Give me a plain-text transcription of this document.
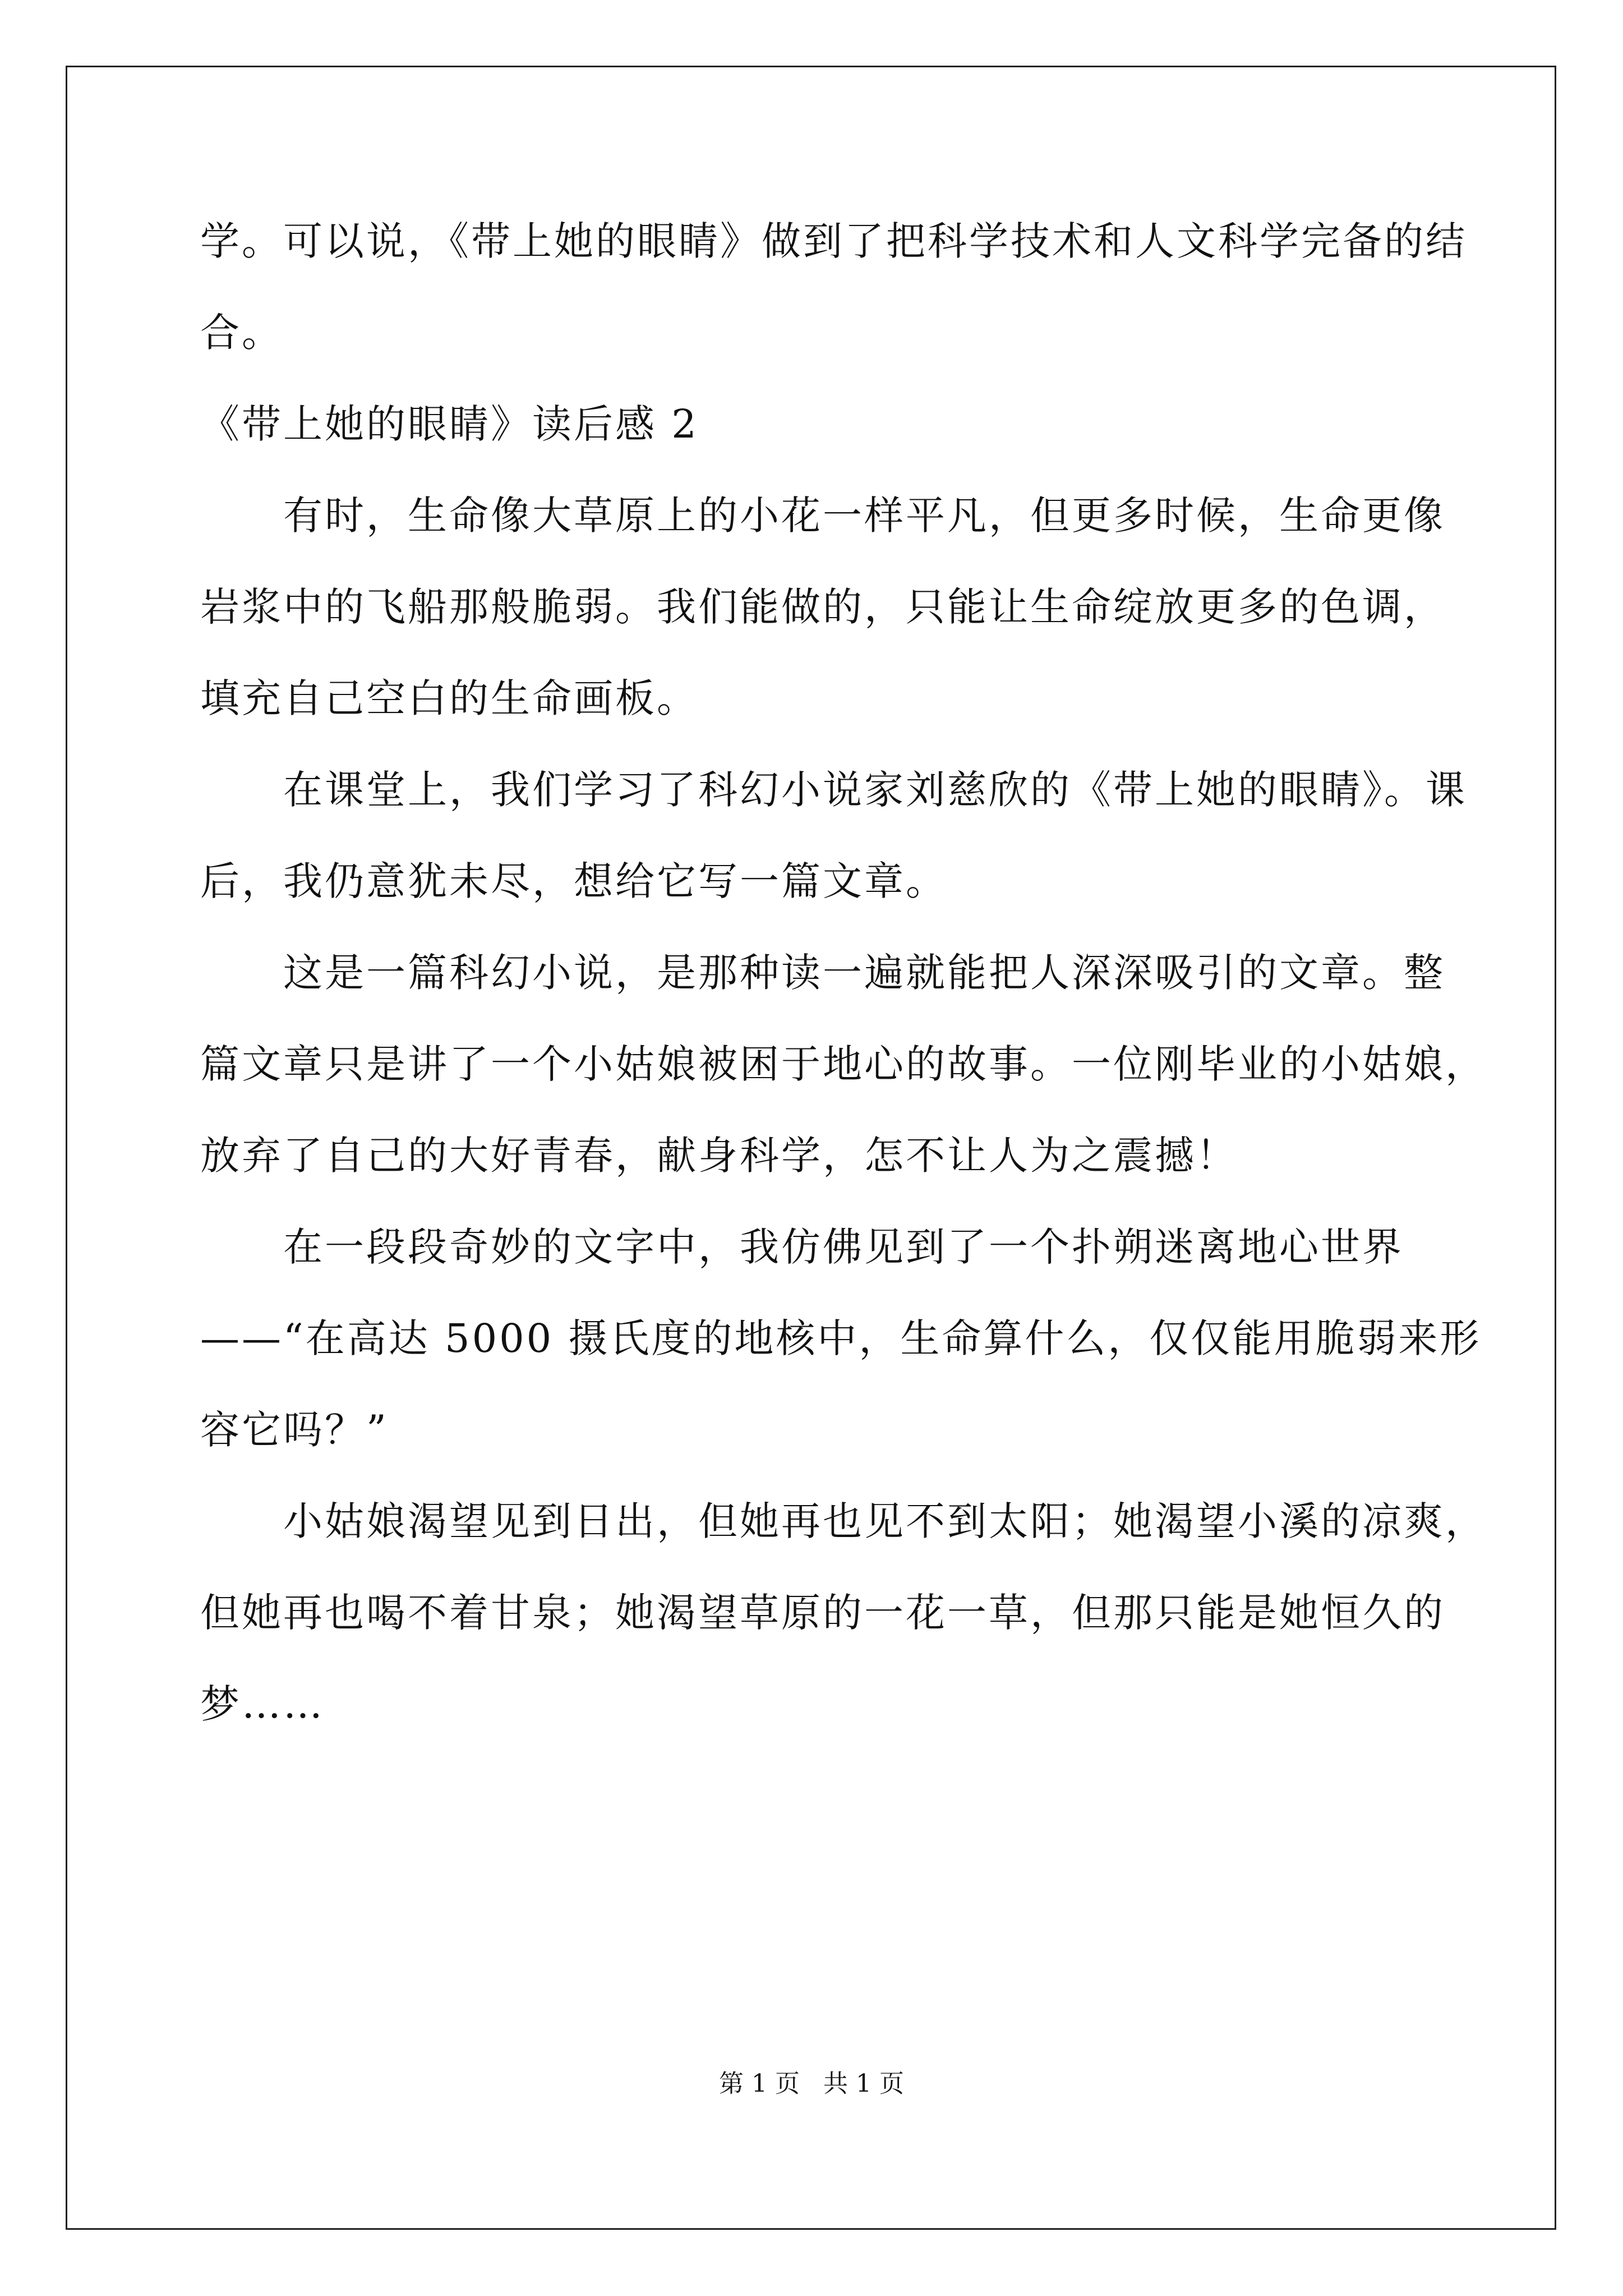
学。可以说，《带上她的眼睛》做到了把科学技术和人文科学完备的结
合。
《带上她的眼睛》读后感 2
有时，生命像大草原上的小花一样平凡，但更多时候，生命更像
岩浆中的飞船那般脆弱。我们能做的，只能让生命绽放更多的色调，
填充自己空白的生命画板。
在课堂上，我们学习了科幻小说家刘慈欣的《带上她的眼睛》。课
后，我仍意犹未尽，想给它写一篇文章。
这是一篇科幻小说，是那种读一遍就能把人深深吸引的文章。整
篇文章只是讲了一个小姑娘被困于地心的故事。一位刚毕业的小姑娘，
放弃了自己的大好青春，献身科学，怎不让人为之震撼！
在一段段奇妙的文字中，我仿佛见到了一个扑朔迷离地心世界
——“在高达 5000 摄氏度的地核中，生命算什么，仅仅能用脆弱来形
容它吗？”
小姑娘渴望见到日出，但她再也见不到太阳；她渴望小溪的凉爽，
但她再也喝不着甘泉；她渴望草原的一花一草，但那只能是她恒久的
梦……
第 1 页   共 1 页
